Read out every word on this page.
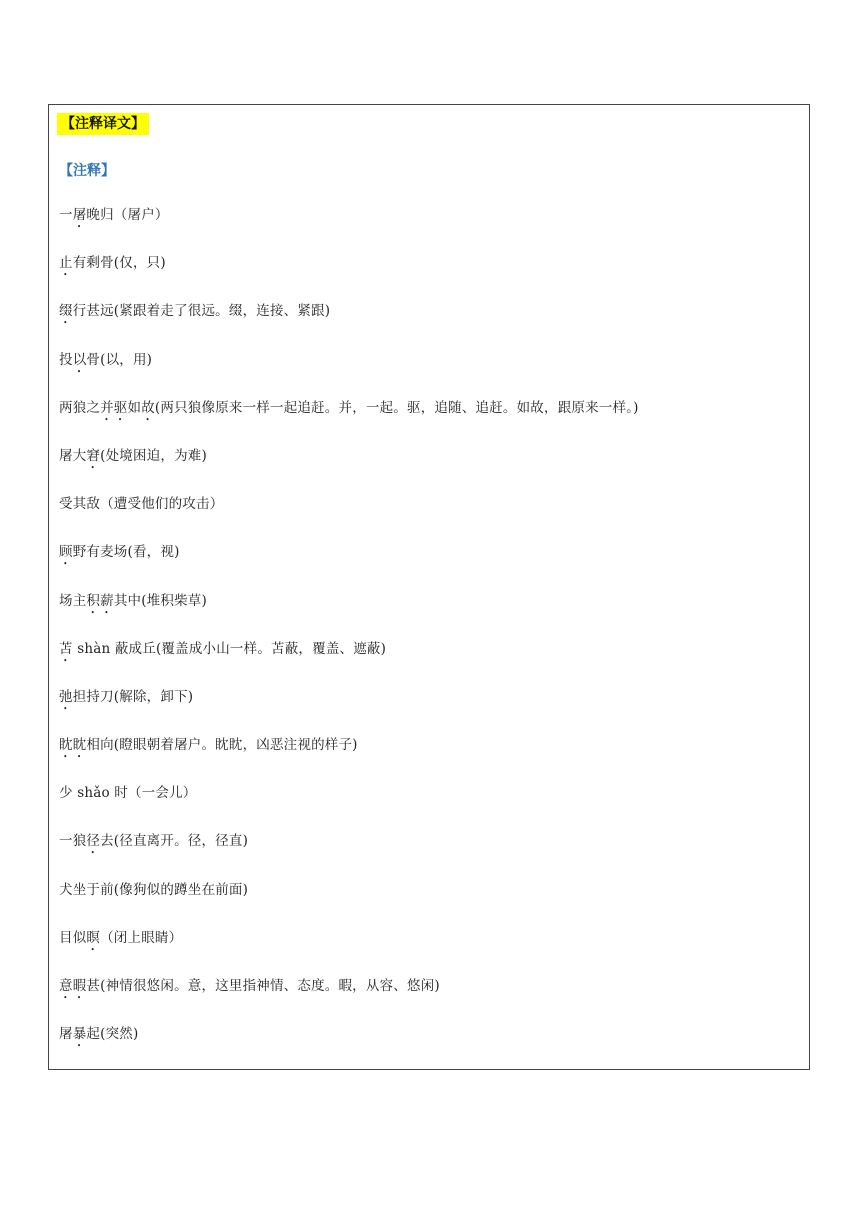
【注释译文】
【注释】
一屠晚归（屠户）
止有剩骨(仅，只)
缀行甚远(紧跟着走了很远。缀，连接、紧跟)
投以骨(以，用)
两狼之并驱如故(两只狼像原来一样一起追赶。并，一起。驱，追随、追赶。如故，跟原来一样。)
屠大窘(处境困迫，为难)
受其敌（遭受他们的攻击）
顾野有麦场(看，视)
场主积薪其中(堆积柴草)
苫 shàn 蔽成丘(覆盖成小山一样。苫蔽，覆盖、遮蔽)
弛担持刀(解除，卸下)
眈眈相向(瞪眼朝着屠户。眈眈，凶恶注视的样子)
少 shǎo 时（一会儿）
一狼径去(径直离开。径，径直)
犬坐于前(像狗似的蹲坐在前面)
目似瞑（闭上眼睛）
意暇甚(神情很悠闲。意，这里指神情、态度。暇，从容、悠闲)
屠暴起(突然)
